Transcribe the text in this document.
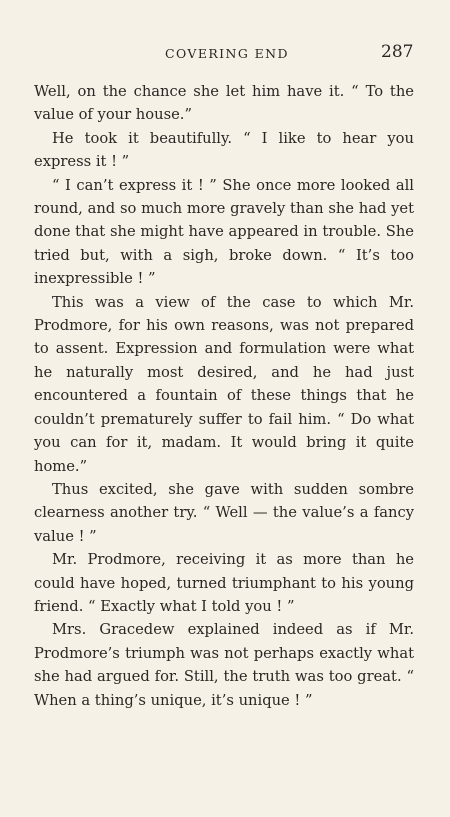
COVERING END	287

Well, on the chance she let him have it. “ To the value of your house.”

He took it beautifully. “ I like to hear you express it ! ”

“ I can’t express it ! ” She once more looked all round, and so much more gravely than she had yet done that she might have appeared in trouble. She tried but, with a sigh, broke down. “ It’s too inexpressible ! ”

This was a view of the case to which Mr. Prodmore, for his own reasons, was not prepared to assent. Expression and formulation were what he naturally most desired, and he had just encountered a fountain of these things that he couldn’t prematurely suffer to fail him. “ Do what you can for it, madam. It would bring it quite home.”

Thus excited, she gave with sudden sombre clearness another try. “ Well — the value’s a fancy value ! ”

Mr. Prodmore, receiving it as more than he could have hoped, turned triumphant to his young friend. “ Exactly what I told you ! ”

Mrs. Gracedew explained indeed as if Mr. Prodmore’s triumph was not perhaps exactly what she had argued for. Still, the truth was too great. “ When a thing’s unique, it’s unique ! ”
